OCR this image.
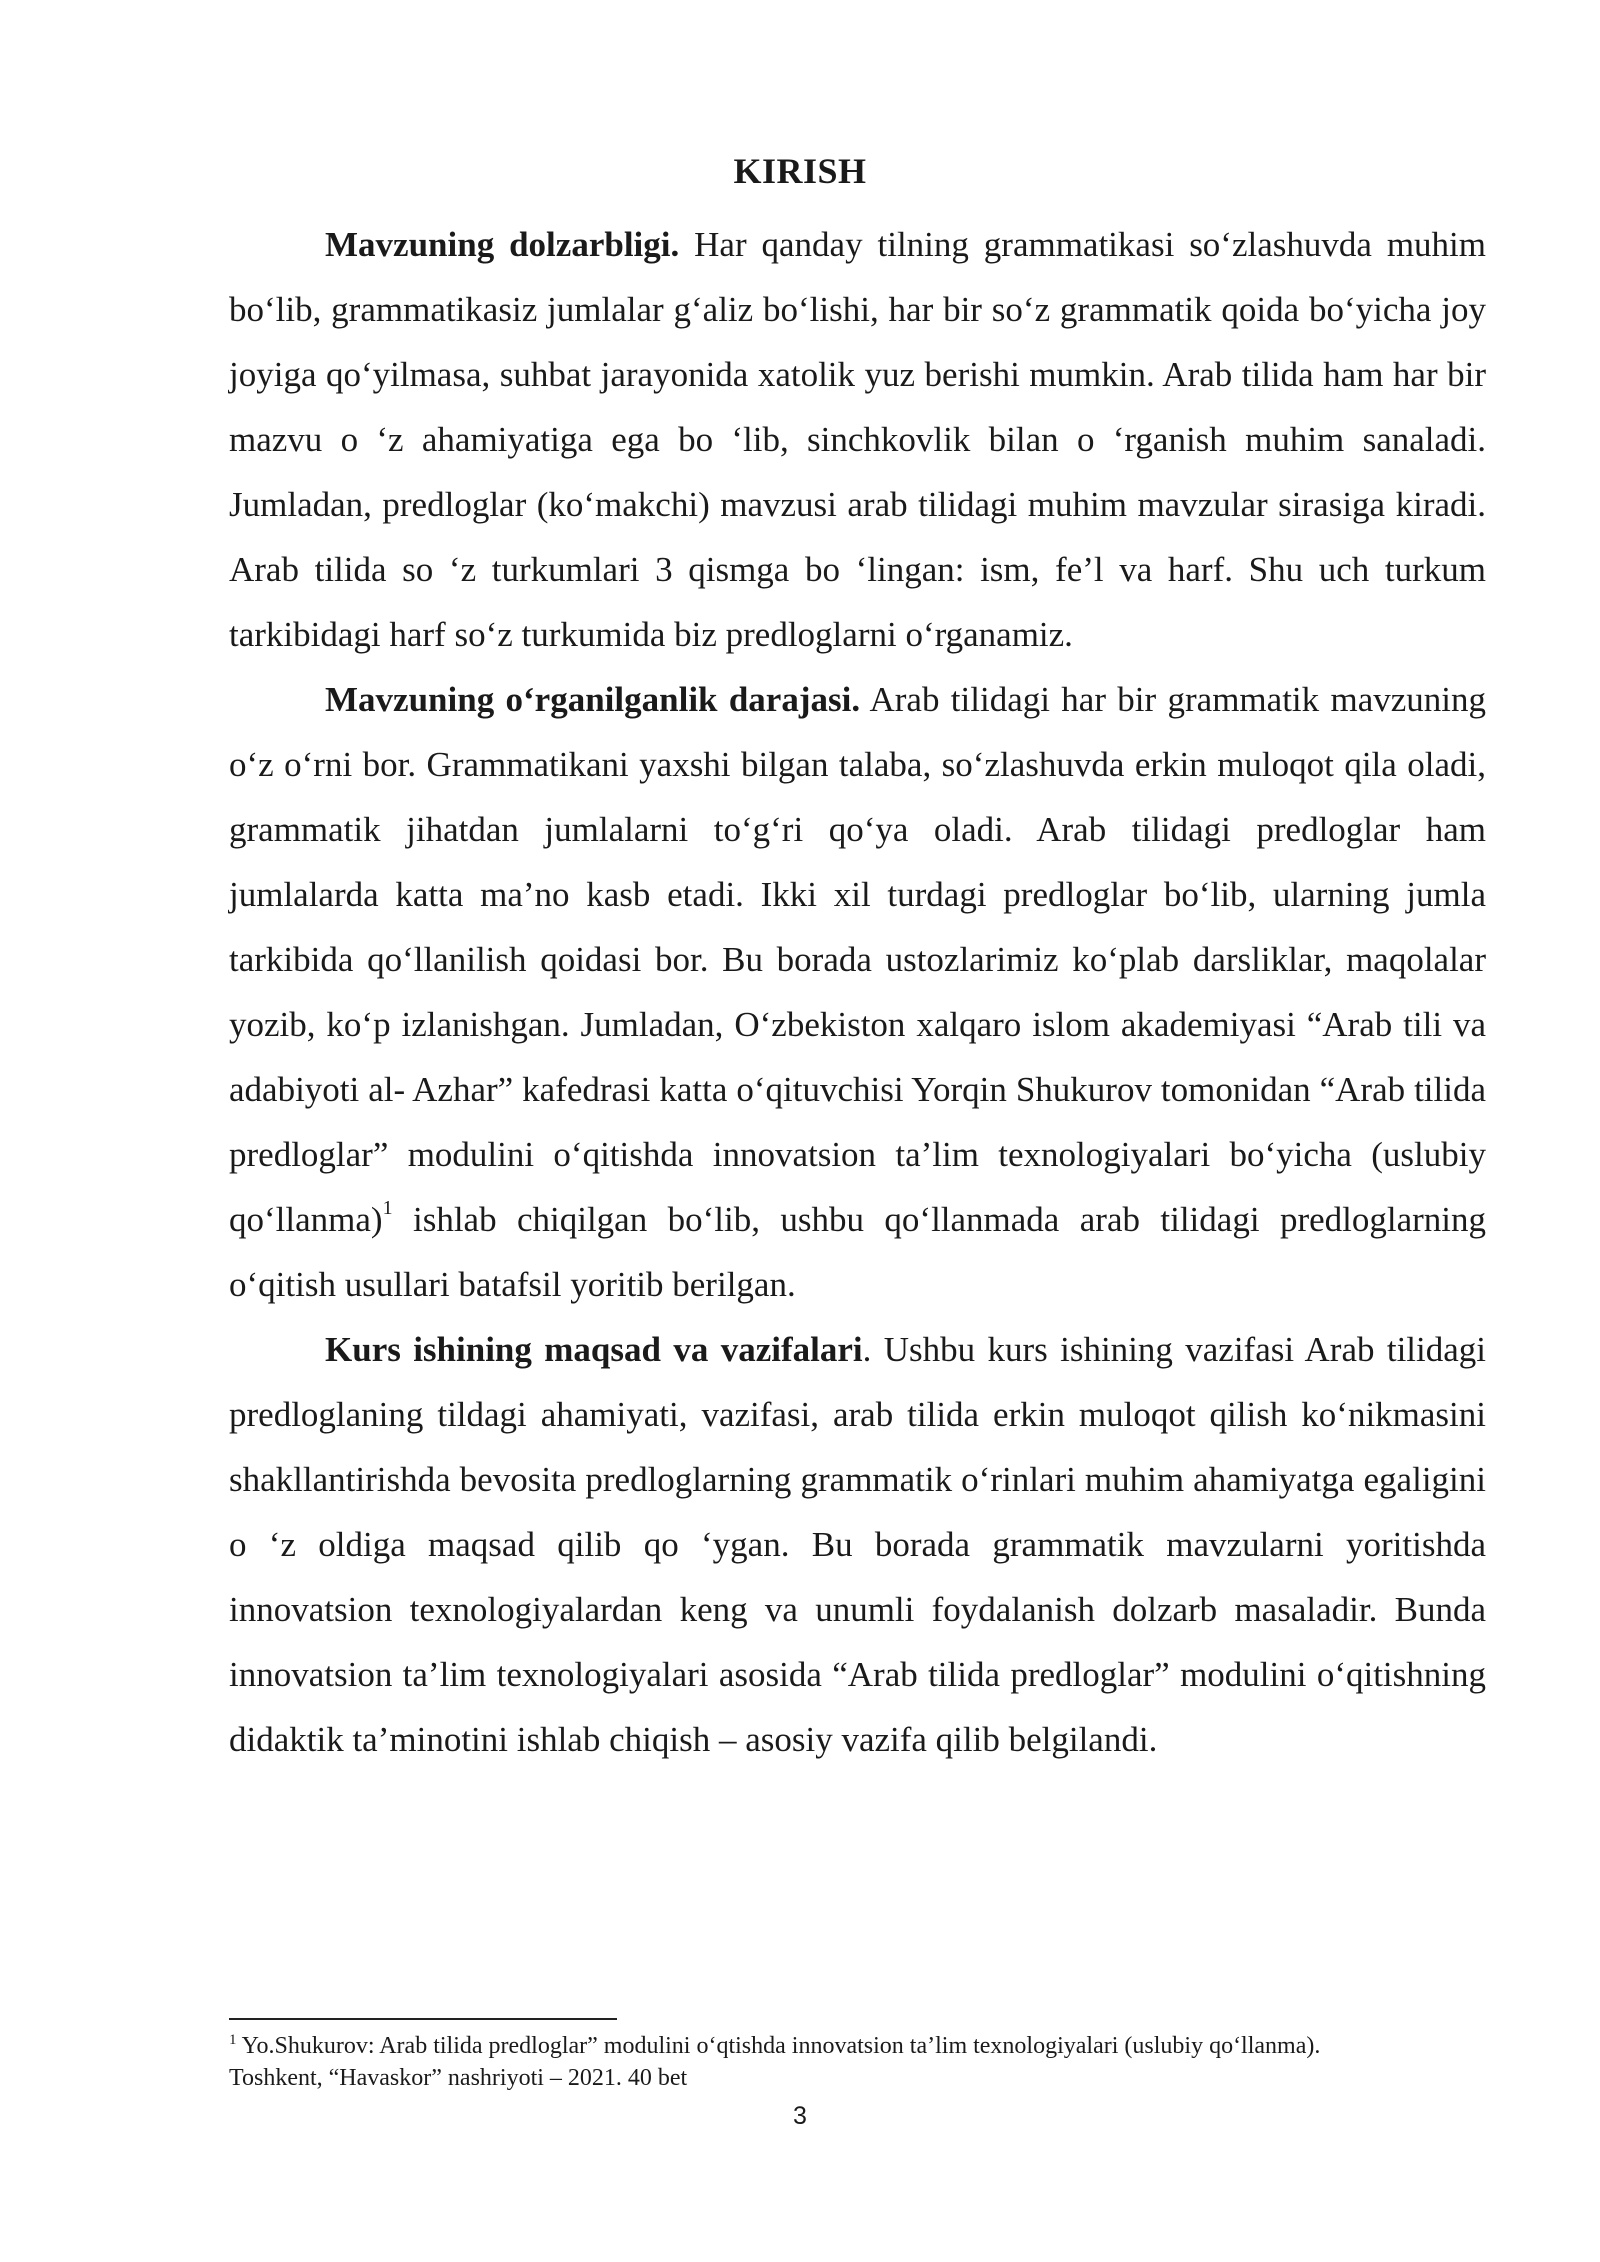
KIRISH

Mavzuning dolzarbligi. Har qanday tilning grammatikasi so‘zlashuvda muhim bo‘lib, grammatikasiz jumlalar g‘aliz bo‘lishi, har bir so‘z grammatik qoida bo‘yicha joy joyiga qo‘yilmasa, suhbat jarayonida xatolik yuz berishi mumkin. Arab tilida ham har bir mazvu o ‘z ahamiyatiga ega bo ‘lib, sinchkovlik bilan o ‘rganish muhim sanaladi. Jumladan, predloglar (ko‘makchi) mavzusi arab tilidagi muhim mavzular sirasiga kiradi. Arab tilida so ‘z turkumlari 3 qismga bo ‘lingan: ism, fe’l va harf. Shu uch turkum tarkibidagi harf so‘z turkumida biz predloglarni o‘rganamiz.

Mavzuning o‘rganilganlik darajasi. Arab tilidagi har bir grammatik mavzuning o‘z o‘rni bor. Grammatikani yaxshi bilgan talaba, so‘zlashuvda erkin muloqot qila oladi, grammatik jihatdan jumlalarni to‘g‘ri qo‘ya oladi. Arab tilidagi predloglar ham jumlalarda katta ma’no kasb etadi. Ikki xil turdagi predloglar bo‘lib, ularning jumla tarkibida qo‘llanilish qoidasi bor. Bu borada ustozlarimiz ko‘plab darsliklar, maqolalar yozib, ko‘p izlanishgan. Jumladan, O‘zbekiston xalqaro islom akademiyasi “Arab tili va adabiyoti al- Azhar” kafedrasi katta o‘qituvchisi Yorqin Shukurov tomonidan “Arab tilida predloglar” modulini o‘qitishda innovatsion ta’lim texnologiyalari bo‘yicha (uslubiy qo‘llanma)$^1$ ishlab chiqilgan bo‘lib, ushbu qo‘llanmada arab tilidagi predloglarning o‘qitish usullari batafsil yoritib berilgan.

Kurs ishining maqsad va vazifalari. Ushbu kurs ishining vazifasi Arab tilidagi predloglaning tildagi ahamiyati, vazifasi, arab tilida erkin muloqot qilish ko‘nikmasini shakllantirishda bevosita predloglarning grammatik o‘rinlari muhim ahamiyatga egaligini o ‘z oldiga maqsad qilib qo ‘ygan. Bu borada grammatik mavzularni yoritishda innovatsion texnologiyalardan keng va unumli foydalanish dolzarb masaladir. Bunda innovatsion ta’lim texnologiyalari asosida “Arab tilida predloglar” modulini o‘qitishning didaktik ta’minotini ishlab chiqish – asosiy vazifa qilib belgilandi.

$^1$ Yo.Shukurov: Arab tilida predloglar” modulini o‘qtishda innovatsion ta’lim texnologiyalari (uslubiy qo‘llanma).
Toshkent, “Havaskor” nashriyoti – 2021. 40 bet
3
